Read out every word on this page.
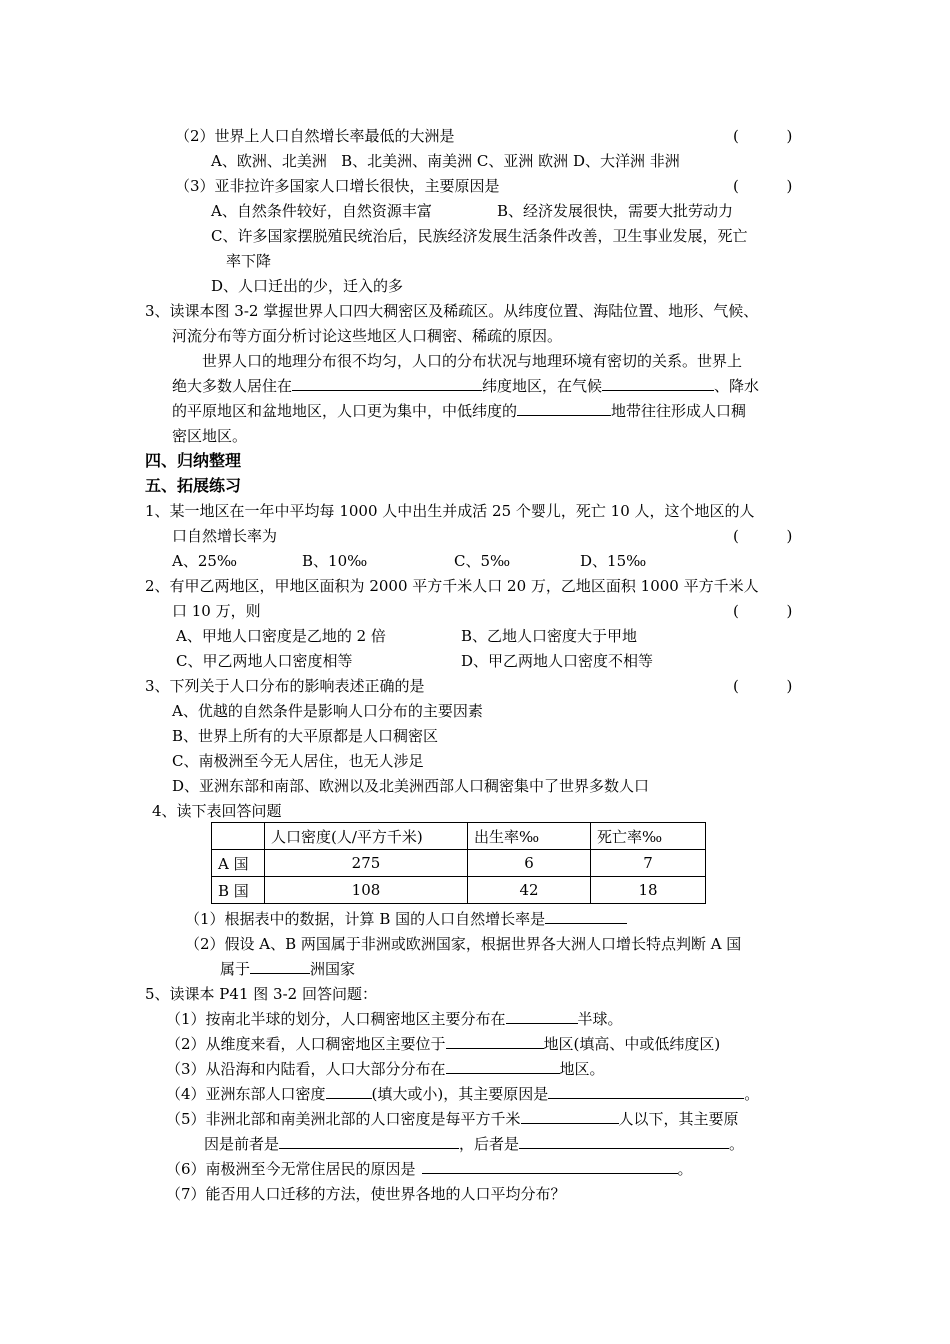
（2）世界上人口自然增长率最低的大洲是	(          )
A、欧洲、北美洲   B、北美洲、南美洲 C、亚洲 欧洲 D、大洋洲 非洲
（3）亚非拉许多国家人口增长很快，主要原因是	(          )
A、自然条件较好，自然资源丰富	B、经济发展很快，需要大批劳动力
C、许多国家摆脱殖民统治后，民族经济发展生活条件改善，卫生事业发展，死亡
率下降
D、人口迁出的少，迁入的多
3、读课本图 3-2 掌握世界人口四大稠密区及稀疏区。从纬度位置、海陆位置、地形、气候、
河流分布等方面分析讨论这些地区人口稠密、稀疏的原因。
世界人口的地理分布很不均匀，人口的分布状况与地理环境有密切的关系。世界上
绝大多数人居住在	纬度地区，在气候	、降水
的平原地区和盆地地区，人口更为集中，中低纬度的	地带往往形成人口稠
密区地区。
四、归纳整理
五、拓展练习
1、某一地区在一年中平均每 1000 人中出生并成活 25 个婴儿，死亡 10 人，这个地区的人
口自然增长率为	(          )
A、25‰	B、10‰	C、5‰	D、15‰
2、有甲乙两地区，甲地区面积为 2000 平方千米人口 20 万，乙地区面积 1000 平方千米人
口 10 万，则	(          )
A、甲地人口密度是乙地的 2 倍	B、乙地人口密度大于甲地
C、甲乙两地人口密度相等	D、甲乙两地人口密度不相等
3、下列关于人口分布的影响表述正确的是	(          )
A、优越的自然条件是影响人口分布的主要因素
B、世界上所有的大平原都是人口稠密区
C、南极洲至今无人居住，也无人涉足
D、亚洲东部和南部、欧洲以及北美洲西部人口稠密集中了世界多数人口
4、读下表回答问题
	人口密度(人/平方千米)	出生率‰	死亡率‰
A 国	275	6	7
B 国	108	42	18
（1）根据表中的数据，计算 B 国的人口自然增长率是
（2）假设 A、B 两国属于非洲或欧洲国家，根据世界各大洲人口增长特点判断 A 国
属于	洲国家
5、读课本 P41 图 3-2 回答问题：
（1）按南北半球的划分，人口稠密地区主要分布在	半球。
（2）从维度来看，人口稠密地区主要位于	地区(填高、中或低纬度区)
（3）从沿海和内陆看，人口大部分分布在	地区。
（4）亚洲东部人口密度	(填大或小)，其主要原因是	。
（5）非洲北部和南美洲北部的人口密度是每平方千米	人以下，其主要原
因是前者是	，后者是	。
（6）南极洲至今无常住居民的原因是	。
（7）能否用人口迁移的方法，使世界各地的人口平均分布？
